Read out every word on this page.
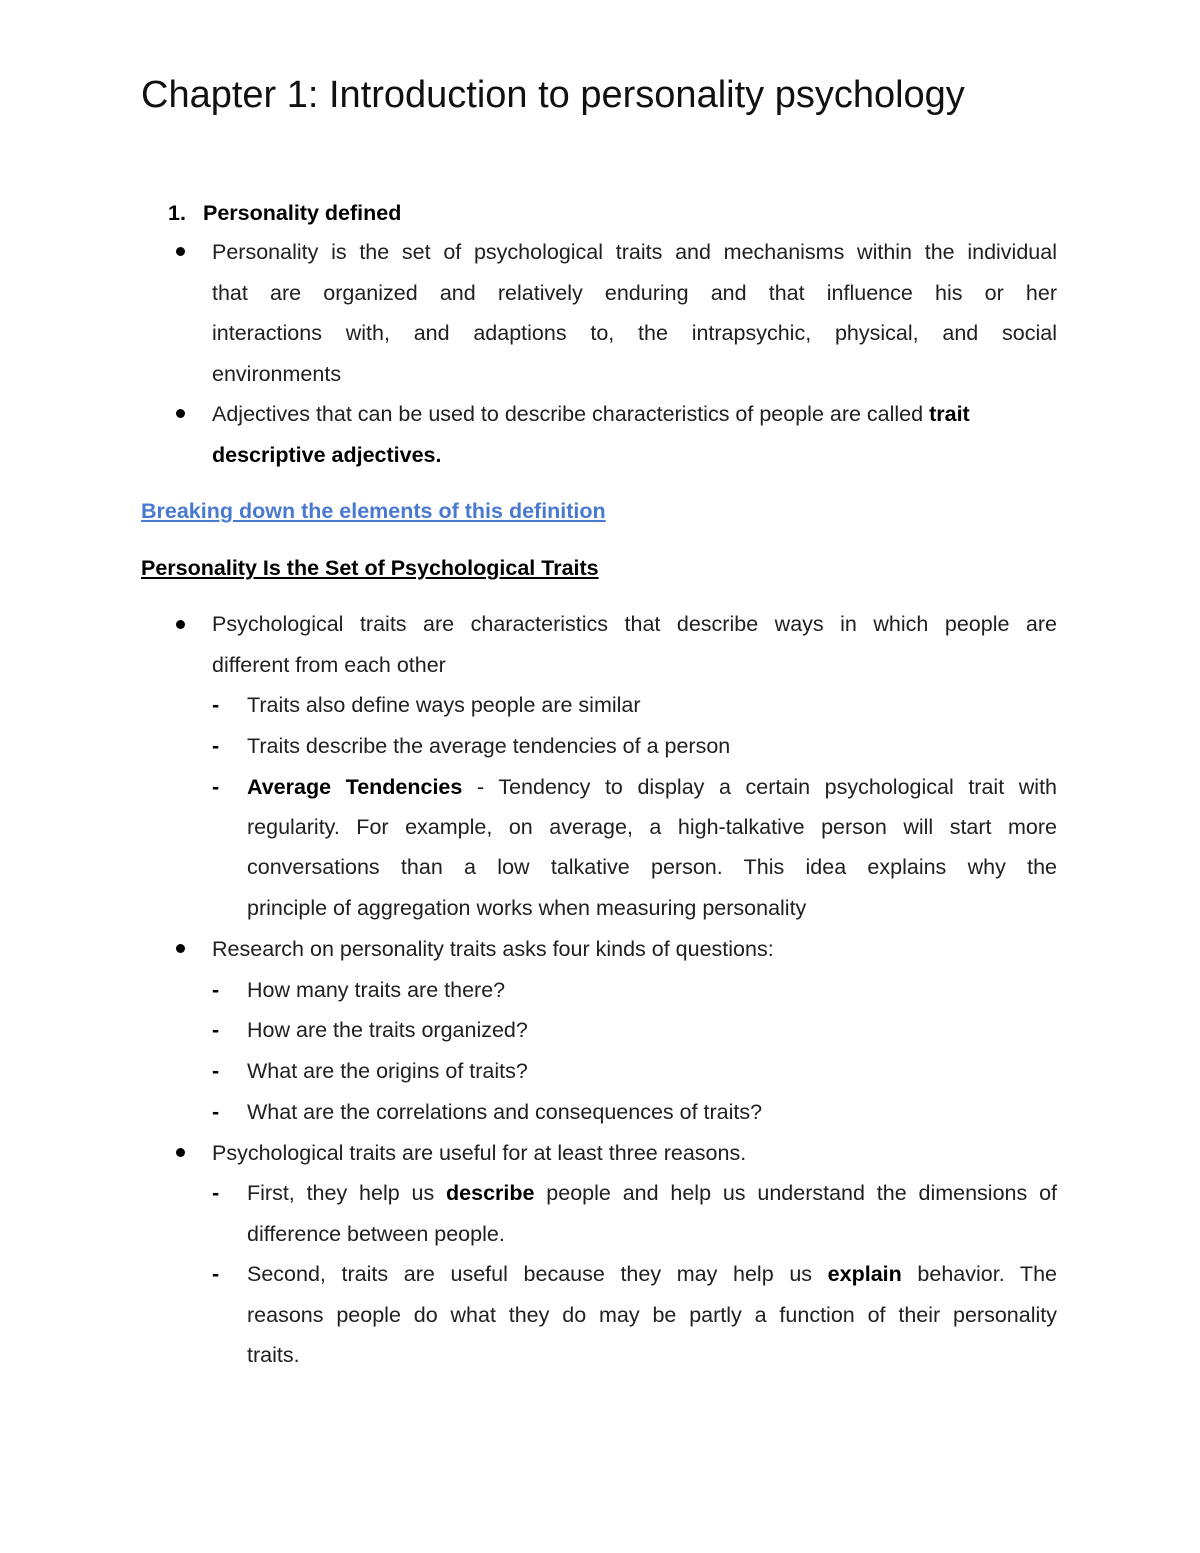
Chapter 1: Introduction to personality psychology
1. Personality defined
Personality is the set of psychological traits and mechanisms within the individual
that are organized and relatively enduring and that influence his or her
interactions with, and adaptions to, the intrapsychic, physical, and social
environments
Adjectives that can be used to describe characteristics of people are called trait
descriptive adjectives.
Breaking down the elements of this definition
Personality Is the Set of Psychological Traits
Psychological traits are characteristics that describe ways in which people are
different from each other
- Traits also define ways people are similar
- Traits describe the average tendencies of a person
- Average Tendencies - Tendency to display a certain psychological trait with
regularity. For example, on average, a high-talkative person will start more
conversations than a low talkative person. This idea explains why the
principle of aggregation works when measuring personality
Research on personality traits asks four kinds of questions:
- How many traits are there?
- How are the traits organized?
- What are the origins of traits?
- What are the correlations and consequences of traits?
Psychological traits are useful for at least three reasons.
- First, they help us describe people and help us understand the dimensions of
difference between people.
- Second, traits are useful because they may help us explain behavior. The
reasons people do what they do may be partly a function of their personality
traits.
